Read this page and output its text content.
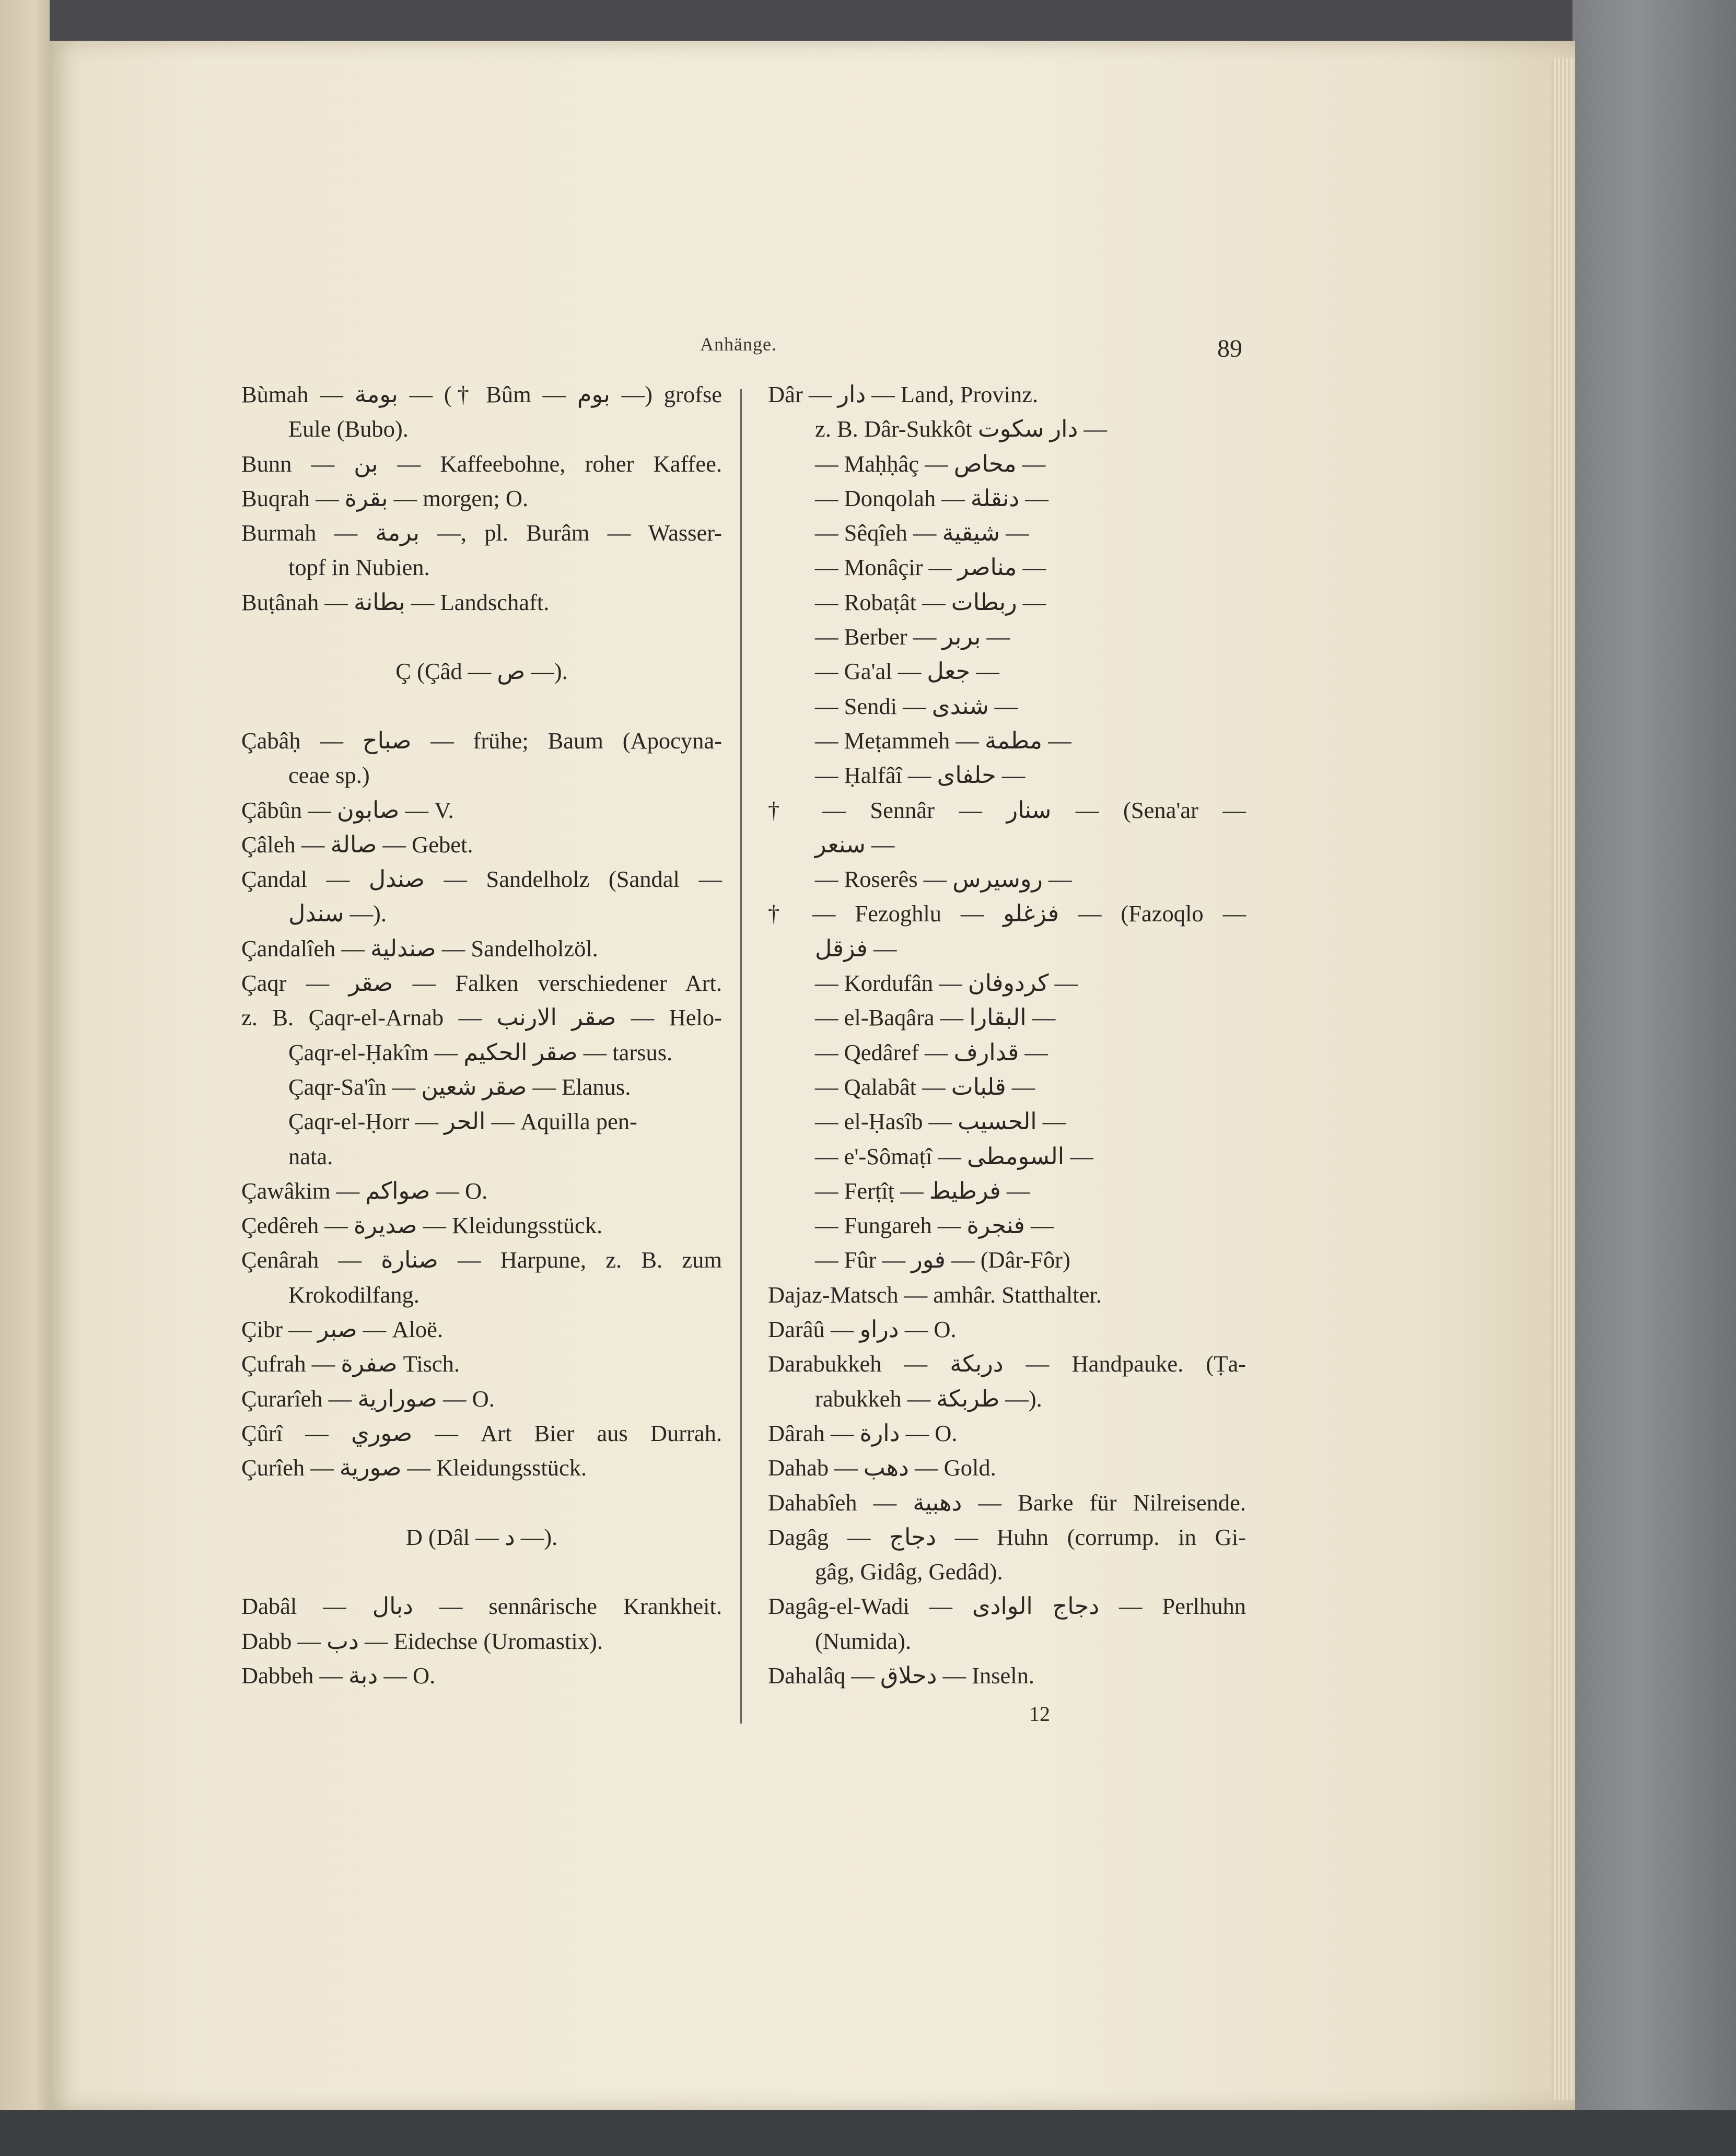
Anhänge.	89
Bùmah — بومة — († Bûm — بوم —) grofse
Eule (Bubo).
Bunn — بن — Kaffeebohne, roher Kaffee.
Buqrah — بقرة — morgen; O.
Burmah — برمة —, pl. Burâm — Wasser-
topf in Nubien.
Buṭânah — بطانة — Landschaft.
Ç (Çâd — ص —).
Çabâḥ — صباح — frühe; Baum (Apocyna-
ceae sp.)
Çâbûn — صابون — V.
Çâleh — صالة — Gebet.
Çandal — صندل — Sandelholz (Sandal —
سندل —).
Çandalîeh — صندلية — Sandelholzöl.
Çaqr — صقر — Falken verschiedener Art.
z. B. Çaqr-el-Arnab — صقر الارنب — Helo-
Çaqr-el-Ḥakîm — صقر الحكيم — tarsus.
Çaqr-Sa'în — صقر شعين — Elanus.
Çaqr-el-Ḥorr — الحر — Aquilla pen-
nata.
Çawâkim — صواكم — O.
Çedêreh — صديرة — Kleidungsstück.
Çenârah — صنارة — Harpune, z. B. zum
Krokodilfang.
Çibr — صبر — Aloë.
Çufrah — صفرة Tisch.
Çurarîeh — صورارية — O.
Çûrî — صوري — Art Bier aus Durrah.
Çurîeh — صورية — Kleidungsstück.
D (Dâl — د —).
Dabâl — دبال — sennârische Krankheit.
Dabb — دب — Eidechse (Uromastix).
Dabbeh — دبة — O.
Dâr — دار — Land, Provinz.
z. B. Dâr-Sukkôt دار سكوت —
— Maḥḥâç — محاص —
— Donqolah — دنقلة —
— Sêqîeh — شيقية —
— Monâçir — مناصر —
— Robaṭât — ربطات —
— Berber — بربر —
— Ga'al — جعل —
— Sendi — شندى —
— Meṭammeh — مطمة —
— Ḥalfâî — حلفاى —
† — Sennâr — سنار — (Sena'ar —
سنعر —
— Roserês — روسيرس —
† — Fezoghlu — فزغلو — (Fazoqlo —
فزقل —
— Kordufân — كردوفان —
— el-Baqâra — البقارا —
— Qedâref — قدارف —
— Qalabât — قلبات —
— el-Ḥasîb — الحسيب —
— e'-Sômaṭî — السومطى —
— Ferṭîṭ — فرطيط —
— Fungareh — فنجرة —
— Fûr — فور — (Dâr-Fôr)
Dajaz-Matsch — amhâr. Statthalter.
Darâû — دراو — O.
Darabukkeh — دربكة — Handpauke. (Ṭa-
rabukkeh — طربكة —).
Dârah — دارة — O.
Dahab — دهب — Gold.
Dahabîeh — دهبية — Barke für Nilreisende.
Dagâg — دجاج — Huhn (corrump. in Gi-
gâg, Gidâg, Gedâd).
Dagâg-el-Wadi — دجاج الوادى — Perlhuhn
(Numida).
Dahalâq — دحلاق — Inseln.
12
